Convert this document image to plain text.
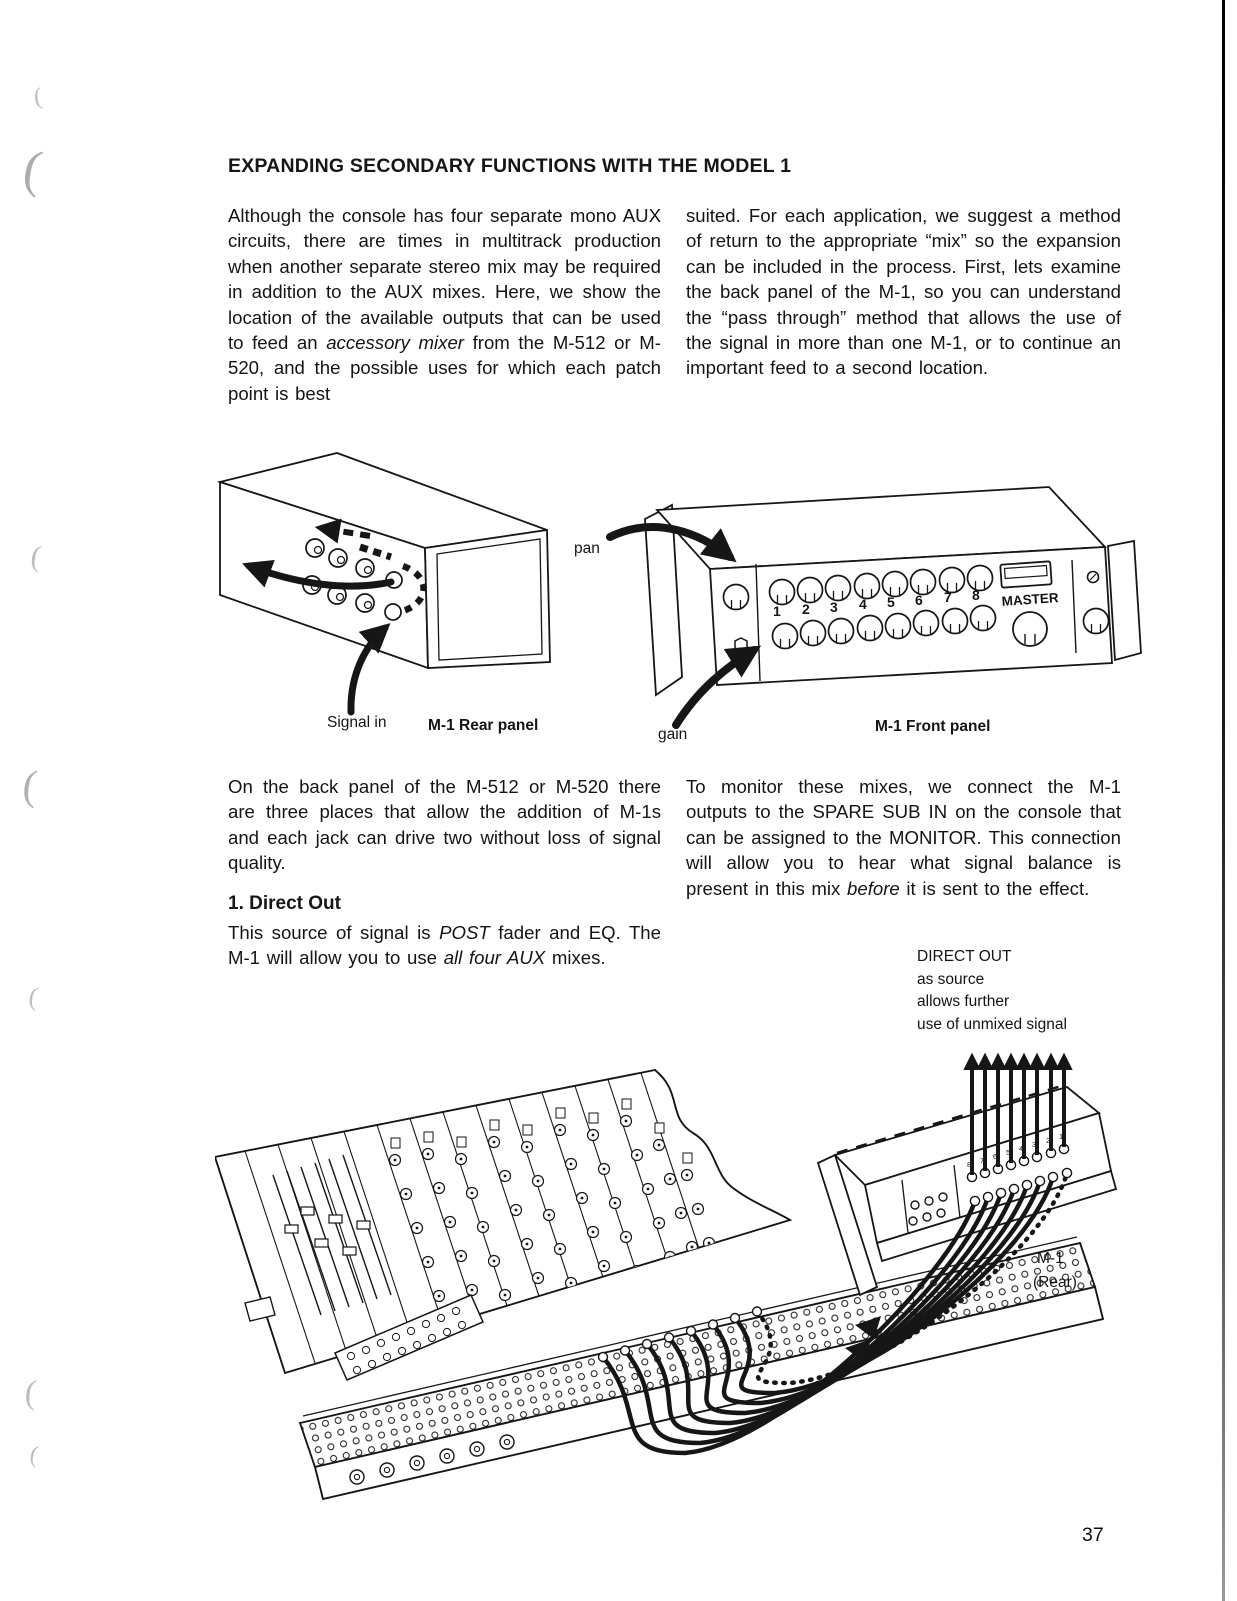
(
(
(
(
(
(
(
EXPANDING SECONDARY FUNCTIONS WITH THE MODEL 1
Although the console has four separate mono AUX circuits, there are times in multitrack production when another separate stereo mix may be required in addition to the AUX mixes. Here, we show the location of the available outputs that can be used to feed an accessory mixer from the M-512 or M-520, and the possible uses for which each patch point is best
suited. For each application, we suggest a method of return to the appropriate “mix” so the expansion can be included in the process. First, lets examine the back panel of the M-1, so you can understand the “pass through” method that allows the use of the signal in more than one M-1, or to continue an important feed to a second location.
Signal in	M-1 Rear panel
1 2 3 4 5 6 7 8 MASTER
pan
gain	M-1 Front panel
On the back panel of the M-512 or M-520 there are three places that allow the addition of M-1s and each jack can drive two without loss of signal quality.
1. Direct Out
This source of signal is POST fader and EQ. The M-1 will allow you to use all four AUX mixes.
To monitor these mixes, we connect the M-1 outputs to the SPARE SUB IN on the console that can be assigned to the MONITOR. This connection will allow you to hear what signal balance is present in this mix before it is sent to the effect.
DIRECT OUT
as source
allows further
use of unmixed signal
8 7 6 5 4 3 2 1
M-1
(Rear)
37
